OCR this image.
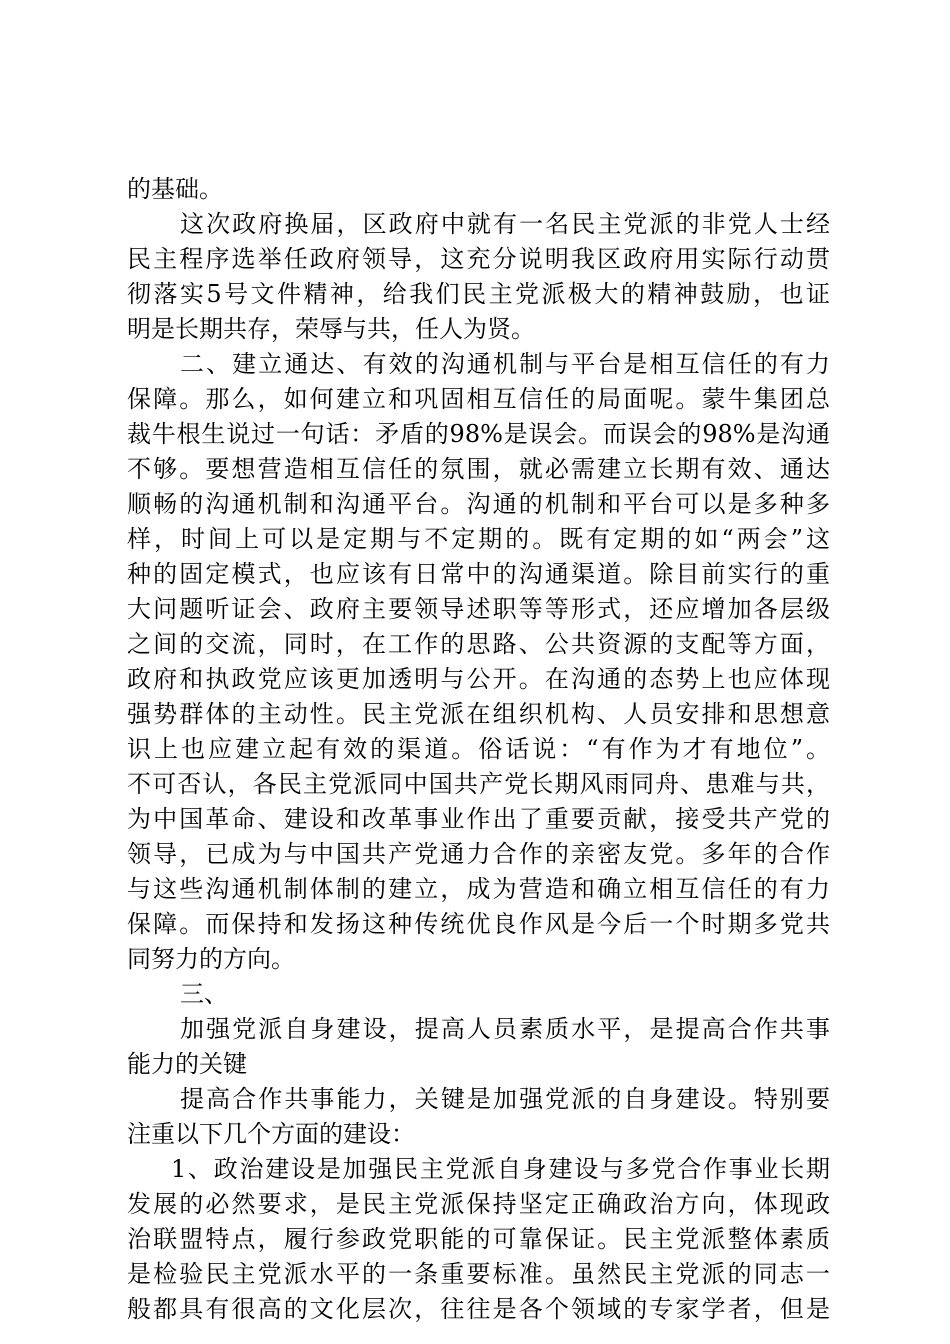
的基础。
这次政府换届，区政府中就有一名民主党派的非党人士经
民主程序选举任政府领导，这充分说明我区政府用实际行动贯
彻落实5号文件精神，给我们民主党派极大的精神鼓励，也证
明是长期共存，荣辱与共，任人为贤。
二、建立通达、有效的沟通机制与平台是相互信任的有力
保障。那么，如何建立和巩固相互信任的局面呢。蒙牛集团总
裁牛根生说过一句话：矛盾的98%是误会。而误会的98%是沟通
不够。要想营造相互信任的氛围，就必需建立长期有效、通达
顺畅的沟通机制和沟通平台。沟通的机制和平台可以是多种多
样，时间上可以是定期与不定期的。既有定期的如“两会”这
种的固定模式，也应该有日常中的沟通渠道。除目前实行的重
大问题听证会、政府主要领导述职等等形式，还应增加各层级
之间的交流，同时，在工作的思路、公共资源的支配等方面，
政府和执政党应该更加透明与公开。在沟通的态势上也应体现
强势群体的主动性。民主党派在组织机构、人员安排和思想意
识上也应建立起有效的渠道。俗话说：“有作为才有地位”。
不可否认，各民主党派同中国共产党长期风雨同舟、患难与共，
为中国革命、建设和改革事业作出了重要贡献，接受共产党的
领导，已成为与中国共产党通力合作的亲密友党。多年的合作
与这些沟通机制体制的建立，成为营造和确立相互信任的有力
保障。而保持和发扬这种传统优良作风是今后一个时期多党共
同努力的方向。
三、
加强党派自身建设，提高人员素质水平，是提高合作共事
能力的关键
提高合作共事能力，关键是加强党派的自身建设。特别要
注重以下几个方面的建设：
1、政治建设是加强民主党派自身建设与多党合作事业长期
发展的必然要求，是民主党派保持坚定正确政治方向，体现政
治联盟特点，履行参政党职能的可靠保证。民主党派整体素质
是检验民主党派水平的一条重要标准。虽然民主党派的同志一
般都具有很高的文化层次，往往是各个领域的专家学者，但是
